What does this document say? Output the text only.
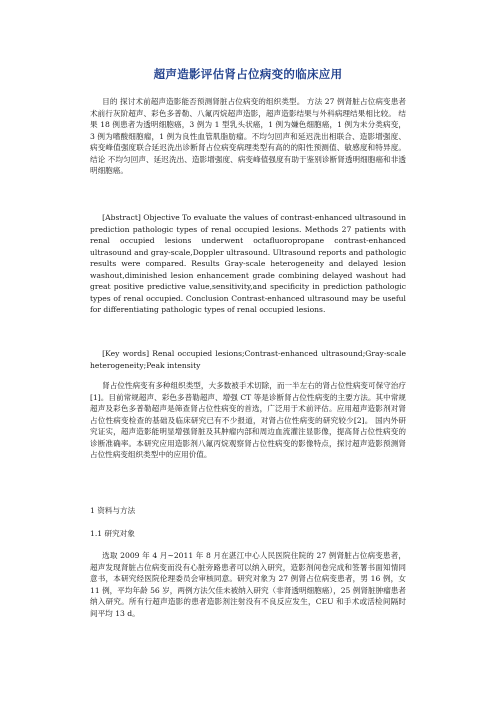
超声造影评估肾占位病变的临床应用
目的 探讨术前超声造影能否预测肾脏占位病变的组织类型。 方法 27 例肾脏占位病变患者术前行灰阶超声、彩色多普勒、八氟丙烷超声造影，超声造影结果与外科病理结果相比较。 结果 18 例患者为透明细胞癌，3 例为 1 型乳头状癌，1 例为嫌色细胞癌，1 例为未分类病变，3 例为嗜酸细胞瘤，1 例为良性血管肌脂肪瘤。不均匀回声和延迟洗出相联合、造影增强度、病变峰值强度联合延迟洗出诊断肾占位病变病理类型有高的的阳性预测值、敏感度和特异度。 结论 不均匀回声、延迟洗出、造影增强度、病变峰值强度有助于鉴别诊断肾透明细胞癌和非透明细胞癌。
[Abstract] Objective To evaluate the values of contrast-enhanced ultrasound in prediction pathologic types of renal occupied lesions. Methods 27 patients with renal occupied lesions underwent octafluoropropane contrast-enhanced ultrasound and gray-scale,Doppler ultrasound. Ultrasound reports and pathologic results were compared. Results Gray-scale heterogeneity and delayed lesion washout,diminished lesion enhancement grade combining delayed washout had great positive predictive value,sensitivity,and specificity in prediction pathologic types of renal occupied. Conclusion Contrast-enhanced ultrasound may be useful for differentiating pathologic types of renal occupied lesions.
[Key words] Renal occupied lesions;Contrast-enhanced ultrasound;Gray-scale heterogeneity;Peak intensity
肾占位性病变有多种组织类型，大多数被手术切除，而一半左右的肾占位性病变可保守治疗[1]。目前常规超声、彩色多普勒超声、增强 CT 等是诊断肾占位性病变的主要方法。其中常规超声及彩色多普勒超声是筛查肾占位性病变的首选，广泛用于术前评估。应用超声造影剂对肾占位性病变检查的基础及临床研究已有不少报道，对肾占位性病变的研究较少[2]。 国内外研究证实，超声造影能明显增强肾脏及其肿瘤内部和周边血流灌注显影像，提高肾占位性病变的诊断准确率。本研究应用造影剂八氟丙烷观察肾占位性病变的影像特点，探讨超声造影预测肾占位性病变组织类型中的应用价值。
1 资料与方法
1.1 研究对象
选取 2009 年 4 月~2011 年 8 月在湛江中心人民医院住院的 27 例肾脏占位病变患者，超声发现肾脏占位病变而没有心脏旁路患者可以纳入研究，造影剂间卷完成和签署书面知情同意书，本研究经医院伦理委员会审核同意。研究对象为 27 例肾占位病变患者，男 16 例，女 11 例，平均年龄 56 岁，两例方法欠佳未被纳入研究（非肾透明细胞癌），25 例肾脏肿瘤患者纳入研究。所有行超声造影的患者造影剂注射没有不良反应发生，CEU 和手术或活检间隔时间平均 13 d。
